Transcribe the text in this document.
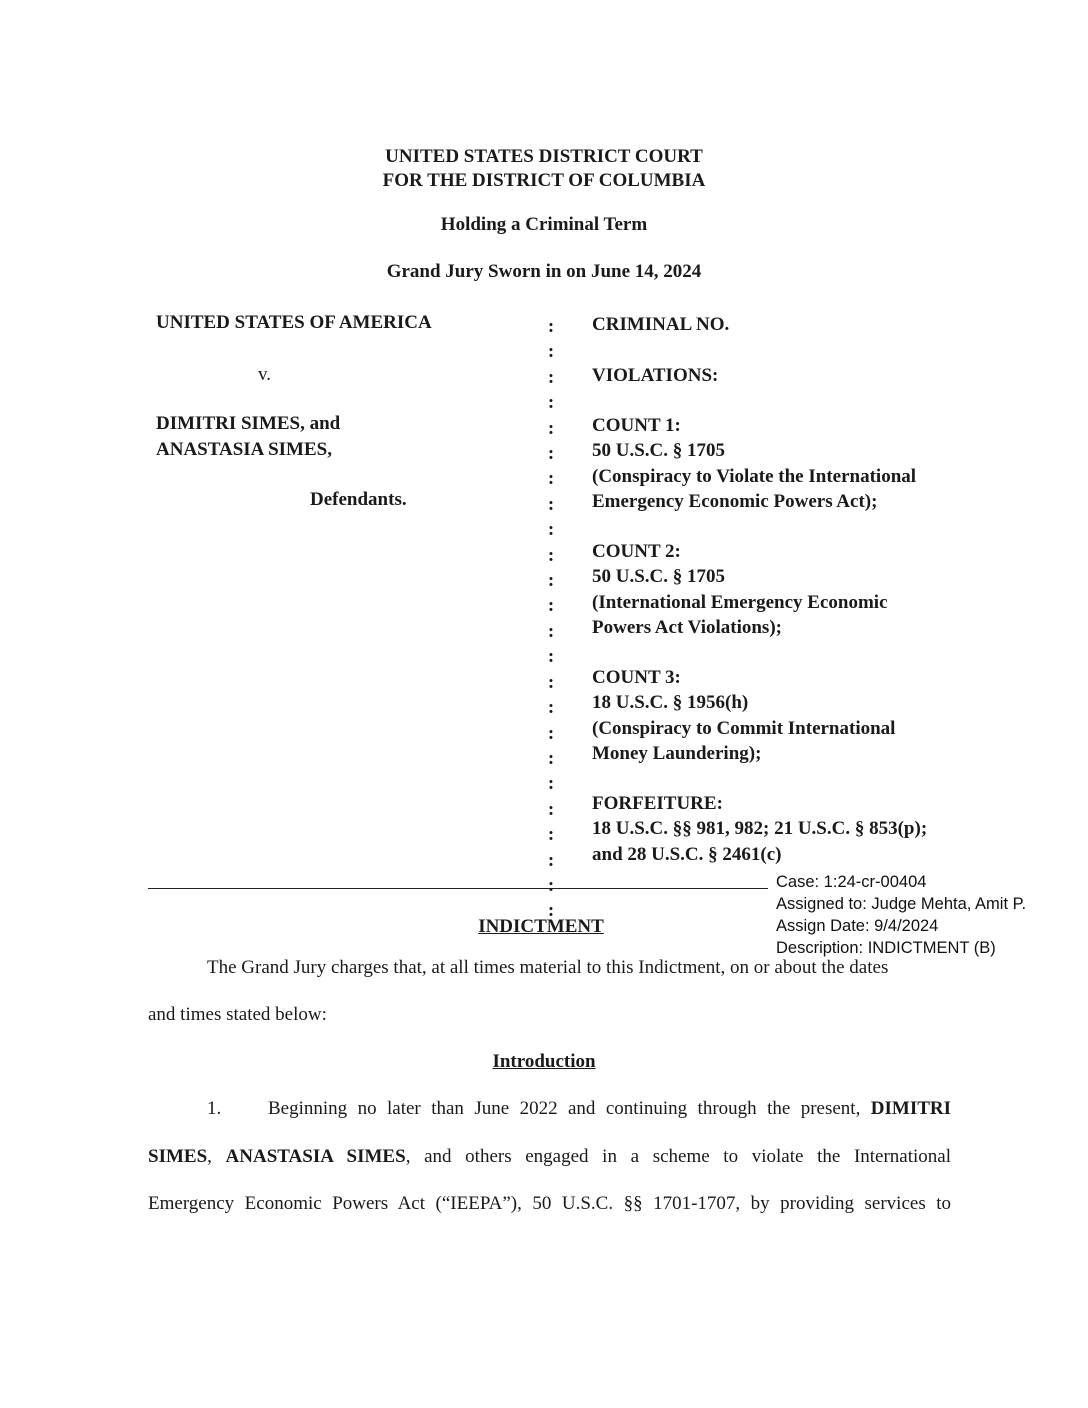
UNITED STATES DISTRICT COURT
FOR THE DISTRICT OF COLUMBIA
Holding a Criminal Term
Grand Jury Sworn in on June 14, 2024
UNITED STATES OF AMERICA
v.
DIMITRI SIMES, and
ANASTASIA SIMES,
Defendants.
:
:
:
:
:
:
:
:
:
:
:
:
:
:
:
:
:
:
:
:
:
:
:
:
CRIMINAL NO.
VIOLATIONS:
COUNT 1:
50 U.S.C. § 1705
(Conspiracy to Violate the International
Emergency Economic Powers Act);
COUNT 2:
50 U.S.C. § 1705
(International Emergency Economic
Powers Act Violations);
COUNT 3:
18 U.S.C. § 1956(h)
(Conspiracy to Commit International
Money Laundering);
FORFEITURE:
18 U.S.C. §§ 981, 982; 21 U.S.C. § 853(p);
and 28 U.S.C. § 2461(c)
Case: 1:24-cr-00404
Assigned to: Judge Mehta, Amit P.
Assign Date: 9/4/2024
Description: INDICTMENT (B)
INDICTMENT
The Grand Jury charges that, at all times material to this Indictment, on or about the dates
and times stated below:
Introduction
1. Beginning no later than June 2022 and continuing through the present, DIMITRI
SIMES, ANASTASIA SIMES, and others engaged in a scheme to violate the International
Emergency Economic Powers Act (“IEEPA”), 50 U.S.C. §§ 1701-1707, by providing services to
